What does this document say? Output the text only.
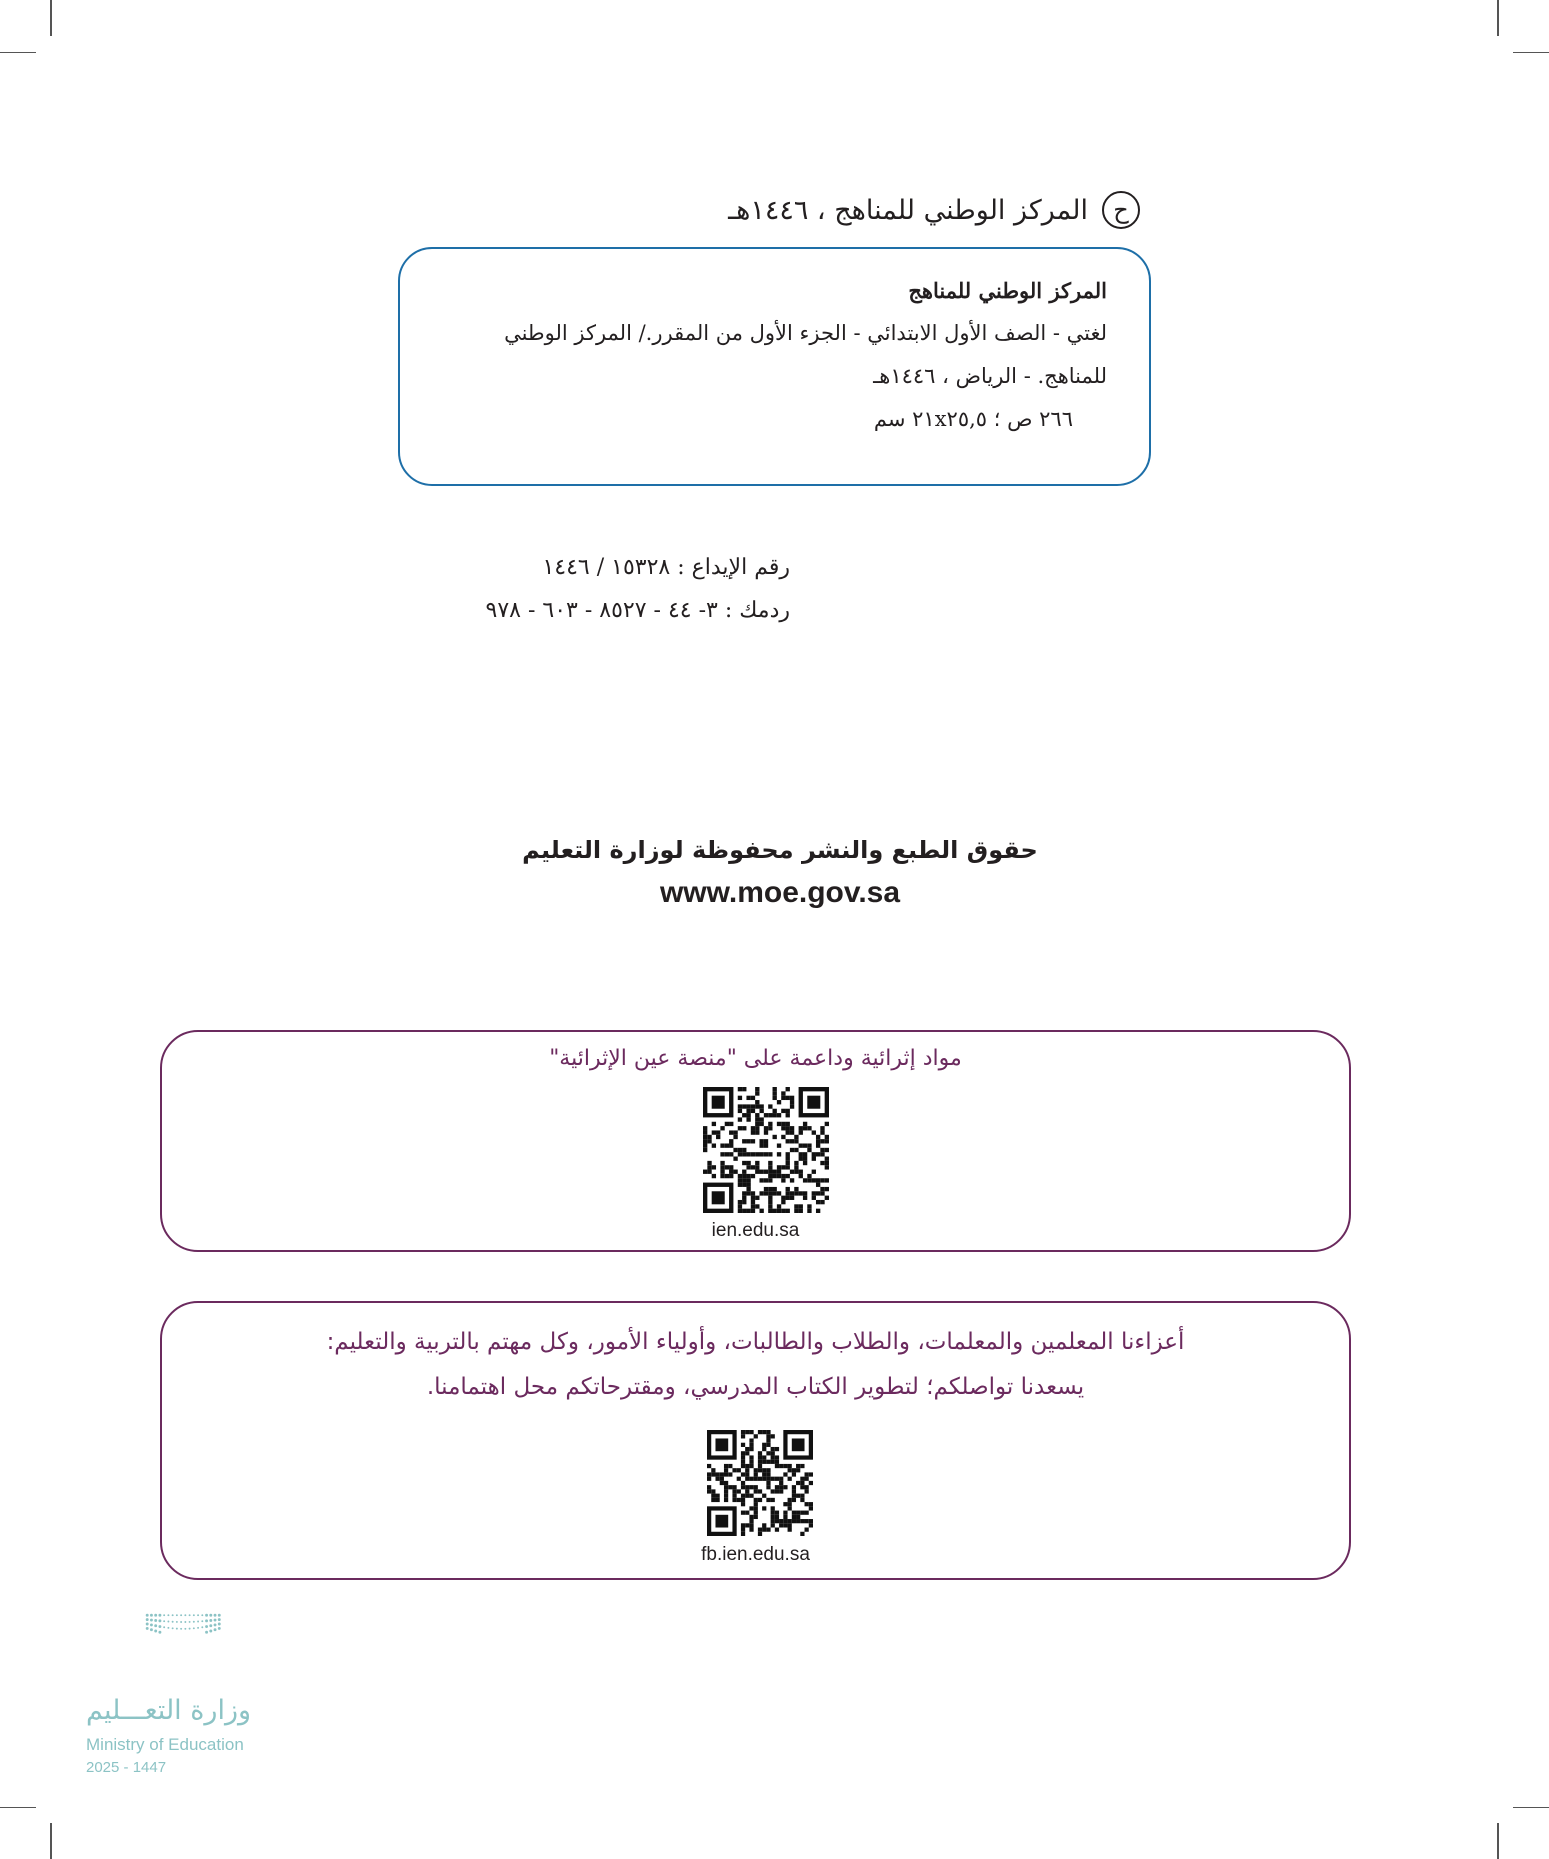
ح
المركز الوطني للمناهج ، ١٤٤٦هـ
المركز الوطني للمناهج
لغتي - الصف الأول الابتدائي - الجزء الأول من المقرر./ المركز الوطني
للمناهج. - الرياض ، ١٤٤٦هـ
٢٦٦ ص ؛ ٢١x٢٥,٥ سم
رقم الإيداع : ١٥٣٢٨ / ١٤٤٦
ردمك : ٣- ٤٤ - ٨٥٢٧ - ٦٠٣ - ٩٧٨
حقوق الطبع والنشر محفوظة لوزارة التعليم
www.moe.gov.sa
مواد إثرائية وداعمة على "منصة عين الإثرائية"
ien.edu.sa
أعزاءنا المعلمين والمعلمات، والطلاب والطالبات، وأولياء الأمور، وكل مهتم بالتربية والتعليم:
يسعدنا تواصلكم؛ لتطوير الكتاب المدرسي، ومقترحاتكم محل اهتمامنا.
fb.ien.edu.sa
وزارة التعـــليم
Ministry of Education
2025 - 1447
